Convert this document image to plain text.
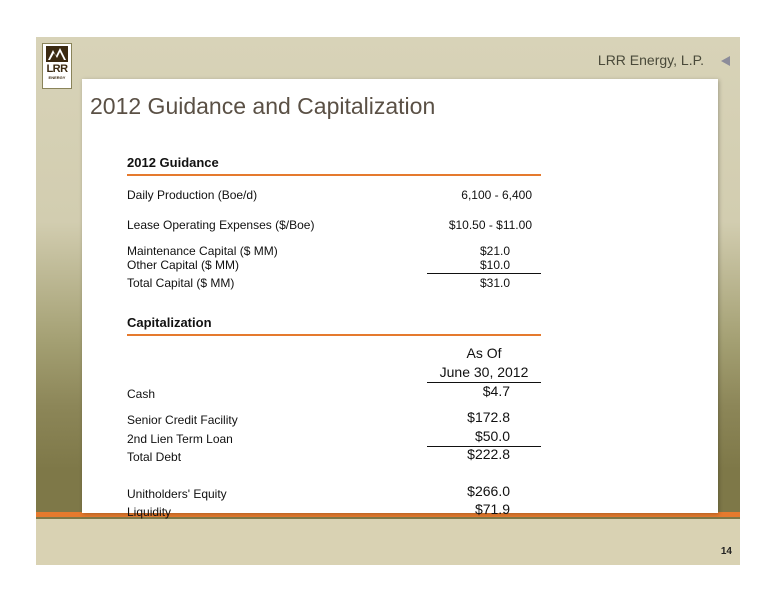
LRR
ENERGY
LRR Energy, L.P.
2012 Guidance and Capitalization
2012 Guidance
Daily Production (Boe/d)	6,100 - 6,400
Lease Operating Expenses ($/Boe)	$10.50 - $11.00
Maintenance Capital ($ MM)	$21.0
Other Capital ($ MM)	$10.0
Total Capital ($ MM)	$31.0
Capitalization
As Of
June 30, 2012
Cash	$4.7
Senior Credit Facility	$172.8
2nd Lien Term Loan	$50.0
Total Debt	$222.8
Unitholders' Equity	$266.0
Liquidity	$71.9
14
